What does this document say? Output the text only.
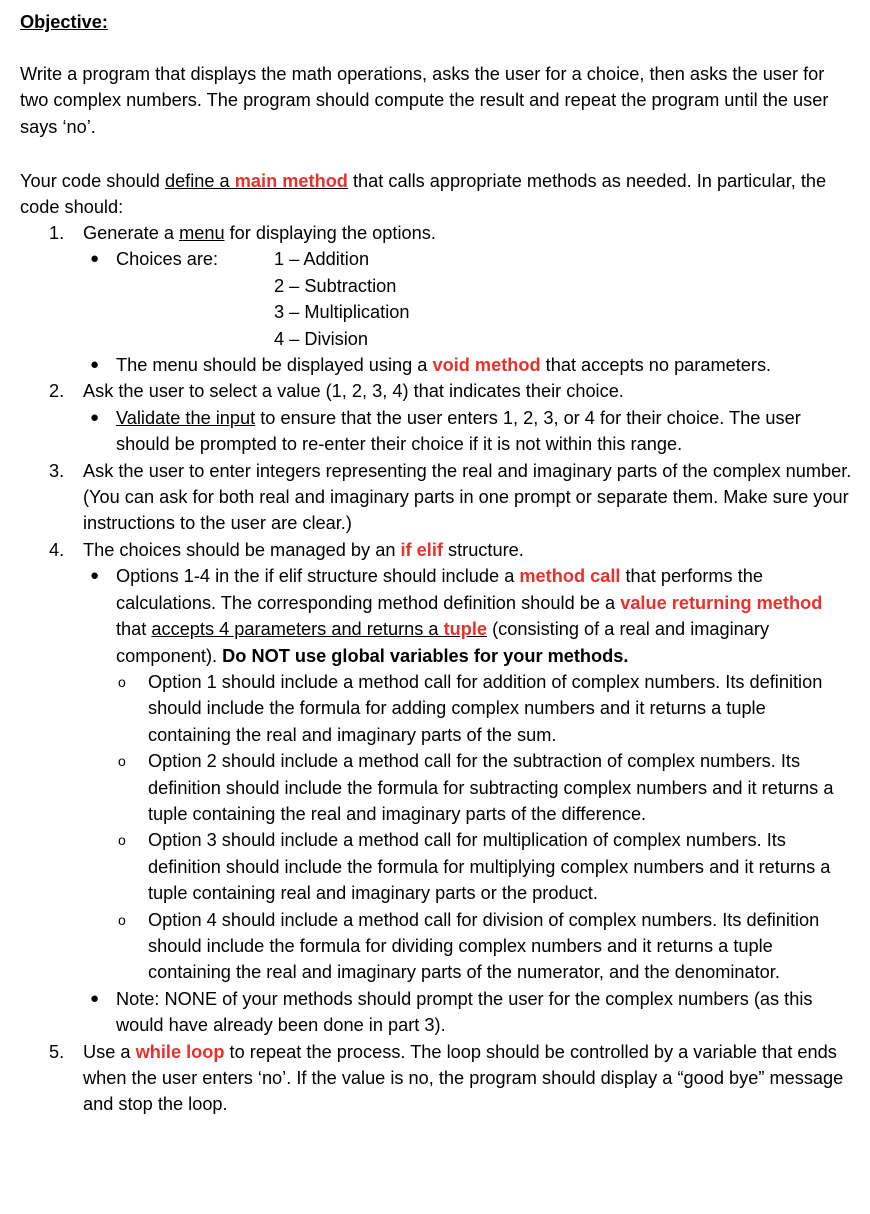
Objective:

Write a program that displays the math operations, asks the user for a choice, then asks the user for two complex numbers. The program should compute the result and repeat the program until the user says ‘no’.

Your code should define a main method that calls appropriate methods as needed. In particular, the code should:

1. Generate a menu for displaying the options.
● Choices are:	1 – Addition
2 – Subtraction
3 – Multiplication
4 – Division
● The menu should be displayed using a void method that accepts no parameters.
2. Ask the user to select a value (1, 2, 3, 4) that indicates their choice.
● Validate the input to ensure that the user enters 1, 2, 3, or 4 for their choice. The user should be prompted to re-enter their choice if it is not within this range.
3. Ask the user to enter integers representing the real and imaginary parts of the complex number. (You can ask for both real and imaginary parts in one prompt or separate them. Make sure your instructions to the user are clear.)
4. The choices should be managed by an if elif structure.
● Options 1-4 in the if elif structure should include a method call that performs the calculations. The corresponding method definition should be a value returning method that accepts 4 parameters and returns a tuple (consisting of a real and imaginary component). Do NOT use global variables for your methods.
o Option 1 should include a method call for addition of complex numbers. Its definition should include the formula for adding complex numbers and it returns a tuple containing the real and imaginary parts of the sum.
o Option 2 should include a method call for the subtraction of complex numbers. Its definition should include the formula for subtracting complex numbers and it returns a tuple containing the real and imaginary parts of the difference.
o Option 3 should include a method call for multiplication of complex numbers. Its definition should include the formula for multiplying complex numbers and it returns a tuple containing real and imaginary parts or the product.
o Option 4 should include a method call for division of complex numbers. Its definition should include the formula for dividing complex numbers and it returns a tuple containing the real and imaginary parts of the numerator, and the denominator.
● Note: NONE of your methods should prompt the user for the complex numbers (as this would have already been done in part 3).
5. Use a while loop to repeat the process. The loop should be controlled by a variable that ends when the user enters ‘no’. If the value is no, the program should display a “good bye” message and stop the loop.
